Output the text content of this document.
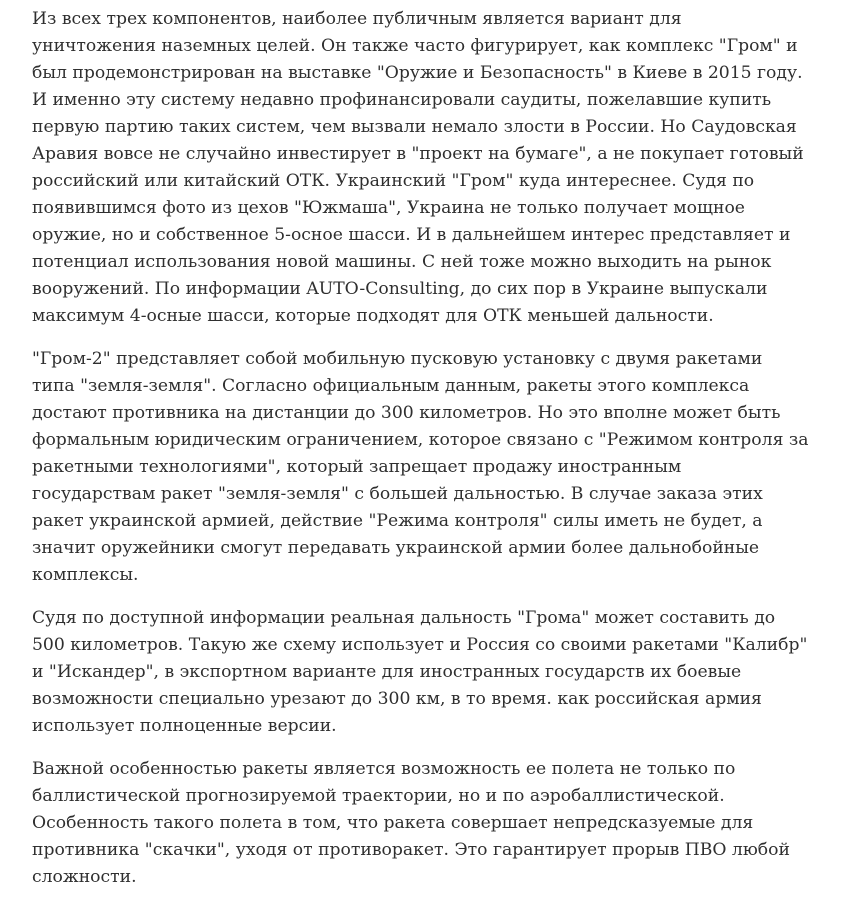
Из всех трех компонентов, наиболее публичным является вариант для
уничтожения наземных целей. Он также часто фигурирует, как комплекс "Гром" и
был продемонстрирован на выставке "Оружие и Безопасность" в Киеве в 2015 году.
И именно эту систему недавно профинансировали саудиты, пожелавшие купить
первую партию таких систем, чем вызвали немало злости в России. Но Саудовская
Аравия вовсе не случайно инвестирует в "проект на бумаге", а не покупает готовый
российский или китайский ОТК. Украинский "Гром" куда интереснее. Судя по
появившимся фото из цехов "Южмаша", Украина не только получает мощное
оружие, но и собственное 5-осное шасси. И в дальнейшем интерес представляет и
потенциал использования новой машины. С ней тоже можно выходить на рынок
вооружений. По информации AUTO-Consulting, до сих пор в Украине выпускали
максимум 4-осные шасси, которые подходят для ОТК меньшей дальности.

"Гром-2" представляет собой мобильную пусковую установку с двумя ракетами
типа "земля-земля". Согласно официальным данным, ракеты этого комплекса
достают противника на дистанции до 300 километров. Но это вполне может быть
формальным юридическим ограничением, которое связано с "Режимом контроля за
ракетными технологиями", который запрещает продажу иностранным
государствам ракет "земля-земля" с большей дальностью. В случае заказа этих
ракет украинской армией, действие "Режима контроля" силы иметь не будет, а
значит оружейники смогут передавать украинской армии более дальнобойные
комплексы.

Судя по доступной информации реальная дальность "Грома" может составить до
500 километров. Такую же схему использует и Россия со своими ракетами "Калибр"
и "Искандер", в экспортном варианте для иностранных государств их боевые
возможности специально урезают до 300 км, в то время. как российская армия
использует полноценные версии.

Важной особенностью ракеты является возможность ее полета не только по
баллистической прогнозируемой траектории, но и по аэробаллистической.
Особенность такого полета в том, что ракета совершает непредсказуемые для
противника "скачки", уходя от противоракет. Это гарантирует прорыв ПВО любой
сложности.
